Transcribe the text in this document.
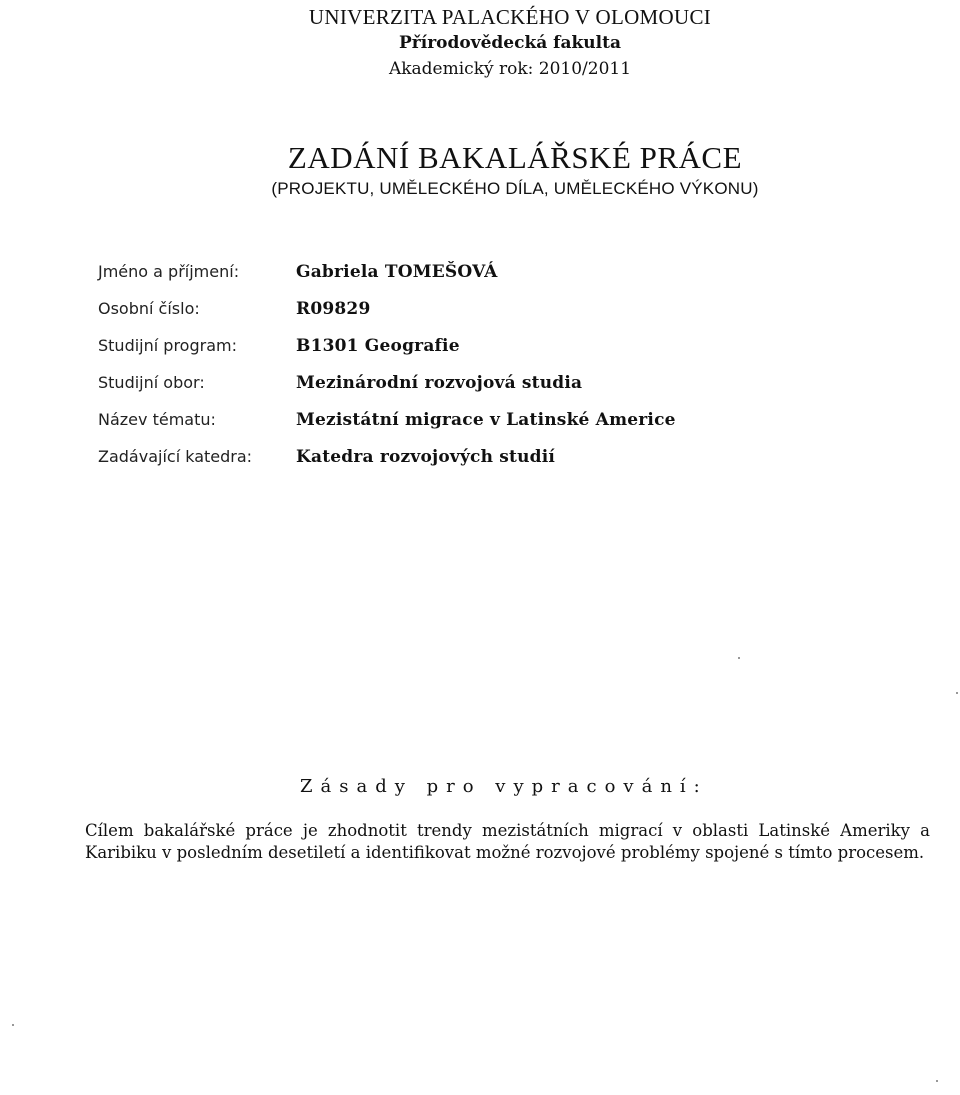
UNIVERZITA PALACKÉHO V OLOMOUCI
Přírodovědecká fakulta
Akademický rok: 2010/2011
ZADÁNÍ BAKALÁŘSKÉ PRÁCE
(PROJEKTU, UMĚLECKÉHO DÍLA, UMĚLECKÉHO VÝKONU)
Jméno a příjmení:	Gabriela TOMEŠOVÁ
Osobní číslo:	R09829
Studijní program:	B1301 Geografie
Studijní obor:	Mezinárodní rozvojová studia
Název tématu:	Mezistátní migrace v Latinské Americe
Zadávající katedra:	Katedra rozvojových studií
Zásady pro vypracování:
Cílem bakalářské práce je zhodnotit trendy mezistátních migrací v oblasti Latinské Ameriky a Karibiku v posledním desetiletí a identifikovat možné rozvojové problémy spojené s tímto procesem.
